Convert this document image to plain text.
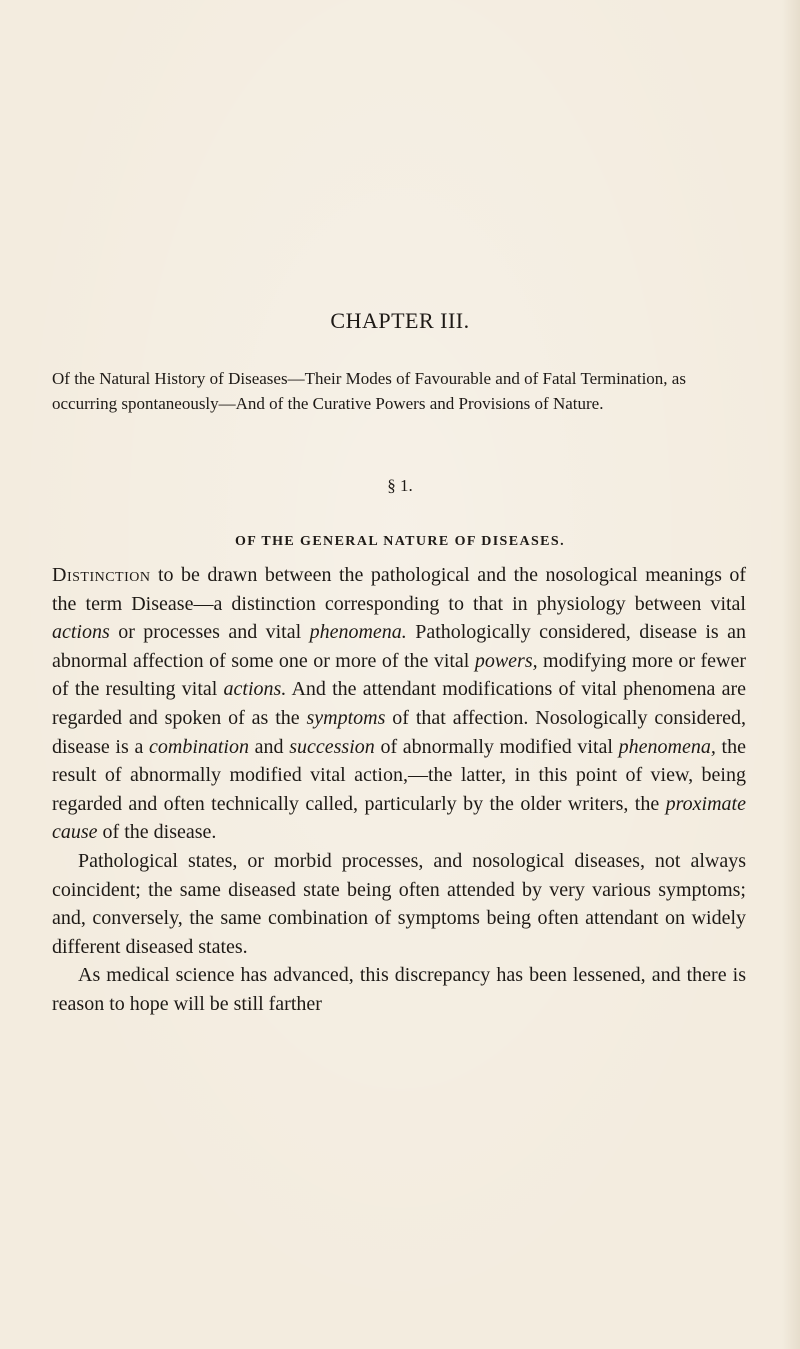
CHAPTER III.

Of the Natural History of Diseases—Their Modes of Favourable and of Fatal Termination, as occurring spontaneously—And of the Curative Powers and Provisions of Nature.

§ 1.

OF THE GENERAL NATURE OF DISEASES.

Distinction to be drawn between the pathological and the nosological meanings of the term Disease—a distinction corresponding to that in physiology between vital actions or processes and vital phenomena. Pathologically considered, disease is an abnormal affection of some one or more of the vital powers, modifying more or fewer of the resulting vital actions. And the attendant modifications of vital phenomena are regarded and spoken of as the symptoms of that affection. Nosologically considered, disease is a combination and succession of abnormally modified vital phenomena, the result of abnormally modified vital action,—the latter, in this point of view, being regarded and often technically called, particularly by the older writers, the proximate cause of the disease.

Pathological states, or morbid processes, and nosological diseases, not always coincident; the same diseased state being often attended by very various symptoms; and, conversely, the same combination of symptoms being often attendant on widely different diseased states.

As medical science has advanced, this discrepancy has been lessened, and there is reason to hope will be still farther
